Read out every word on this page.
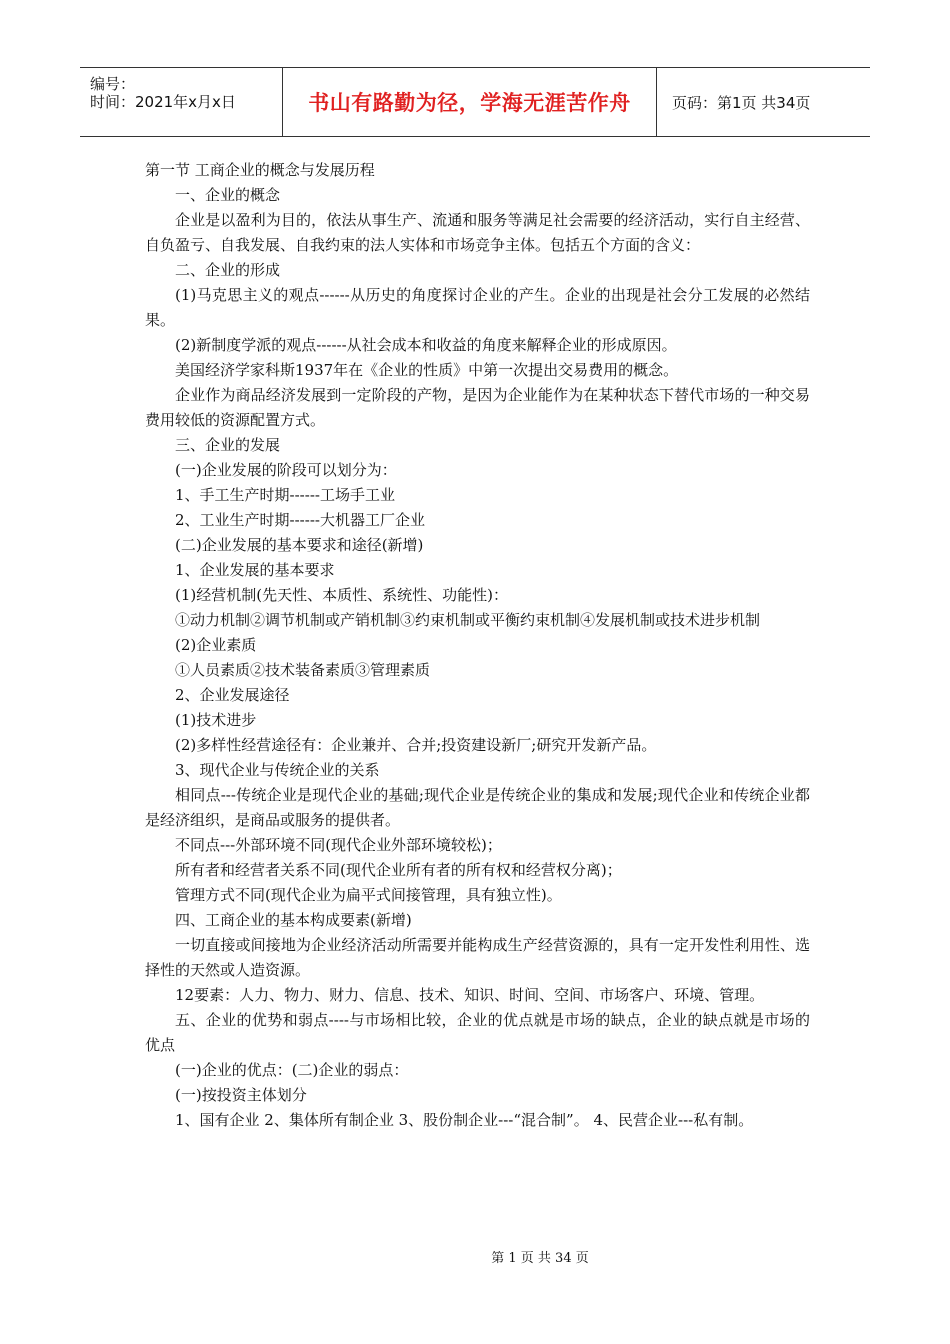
编号：
时间：2021年x月x日	书山有路勤为径，学海无涯苦作舟	页码：第1页 共34页

第一节 工商企业的概念与发展历程

一、企业的概念

企业是以盈利为目的，依法从事生产、流通和服务等满足社会需要的经济活动，实行自主经营、自负盈亏、自我发展、自我约束的法人实体和市场竞争主体。包括五个方面的含义：

二、企业的形成

(1)马克思主义的观点------从历史的角度探讨企业的产生。企业的出现是社会分工发展的必然结果。

(2)新制度学派的观点------从社会成本和收益的角度来解释企业的形成原因。

美国经济学家科斯1937年在《企业的性质》中第一次提出交易费用的概念。

企业作为商品经济发展到一定阶段的产物，是因为企业能作为在某种状态下替代市场的一种交易费用较低的资源配置方式。

三、企业的发展

(一)企业发展的阶段可以划分为：

1、手工生产时期------工场手工业

2、工业生产时期------大机器工厂企业

(二)企业发展的基本要求和途径(新增)

1、企业发展的基本要求

(1)经营机制(先天性、本质性、系统性、功能性)：

①动力机制②调节机制或产销机制③约束机制或平衡约束机制④发展机制或技术进步机制

(2)企业素质

①人员素质②技术装备素质③管理素质

2、企业发展途径

(1)技术进步

(2)多样性经营途径有：企业兼并、合并;投资建设新厂;研究开发新产品。

3、现代企业与传统企业的关系

相同点---传统企业是现代企业的基础;现代企业是传统企业的集成和发展;现代企业和传统企业都是经济组织，是商品或服务的提供者。

不同点---外部环境不同(现代企业外部环境较松)；

所有者和经营者关系不同(现代企业所有者的所有权和经营权分离)；

管理方式不同(现代企业为扁平式间接管理，具有独立性)。

四、工商企业的基本构成要素(新增)

一切直接或间接地为企业经济活动所需要并能构成生产经营资源的，具有一定开发性利用性、选择性的天然或人造资源。

12要素：人力、物力、财力、信息、技术、知识、时间、空间、市场客户、环境、管理。

五、企业的优势和弱点----与市场相比较，企业的优点就是市场的缺点，企业的缺点就是市场的优点

(一)企业的优点：(二)企业的弱点：

(一)按投资主体划分

1、国有企业 2、集体所有制企业 3、股份制企业---“混合制”。 4、民营企业---私有制。

第 1 页 共 34 页
